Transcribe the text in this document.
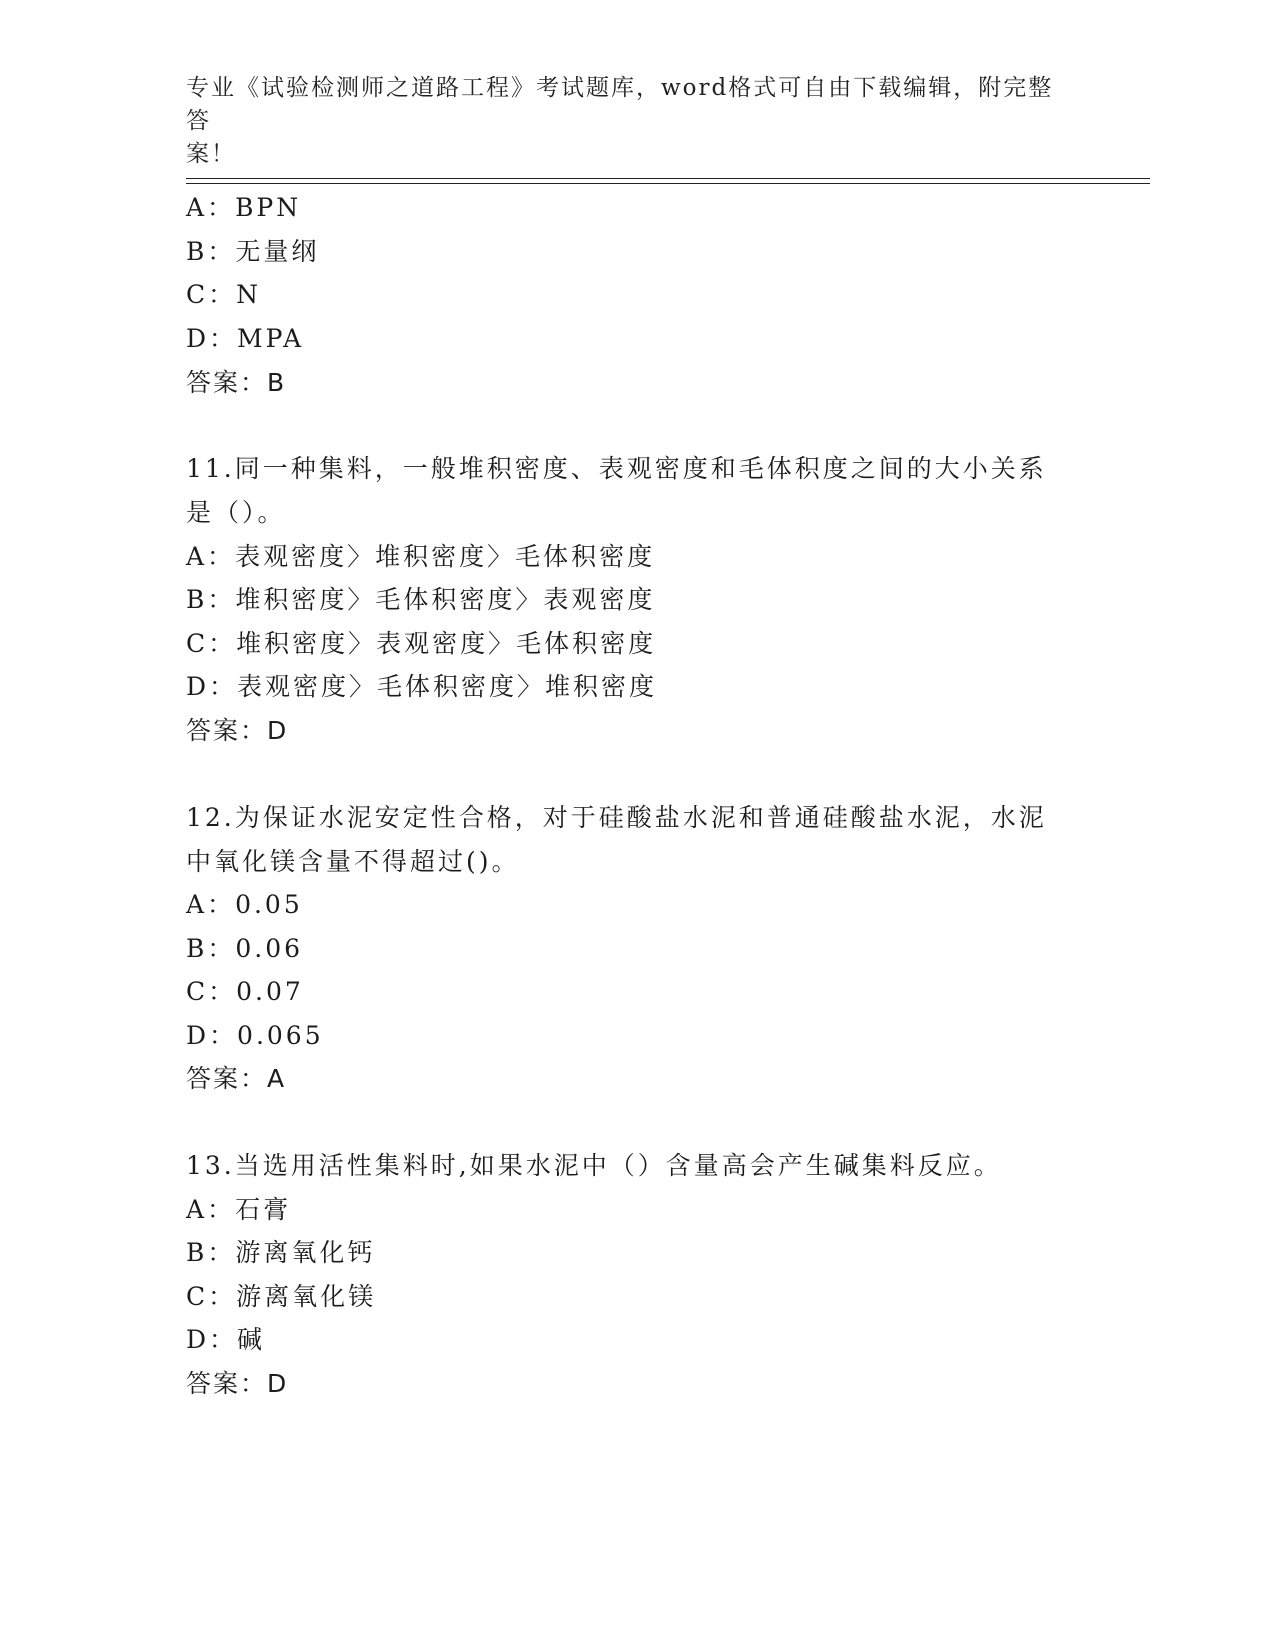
专业《试验检测师之道路工程》考试题库，word格式可自由下载编辑，附完整答
案！
A：BPN
B：无量纲
C：N
D：MPA
答案：B
11.同一种集料，一般堆积密度、表观密度和毛体积度之间的大小关系
是（）。
A：表观密度〉堆积密度〉毛体积密度
B：堆积密度〉毛体积密度〉表观密度
C：堆积密度〉表观密度〉毛体积密度
D：表观密度〉毛体积密度〉堆积密度
答案：D
12.为保证水泥安定性合格，对于硅酸盐水泥和普通硅酸盐水泥，水泥
中氧化镁含量不得超过()。
A：0.05
B：0.06
C：0.07
D：0.065
答案：A
13.当选用活性集料时,如果水泥中（）含量高会产生碱集料反应。
A：石膏
B：游离氧化钙
C：游离氧化镁
D：碱
答案：D
